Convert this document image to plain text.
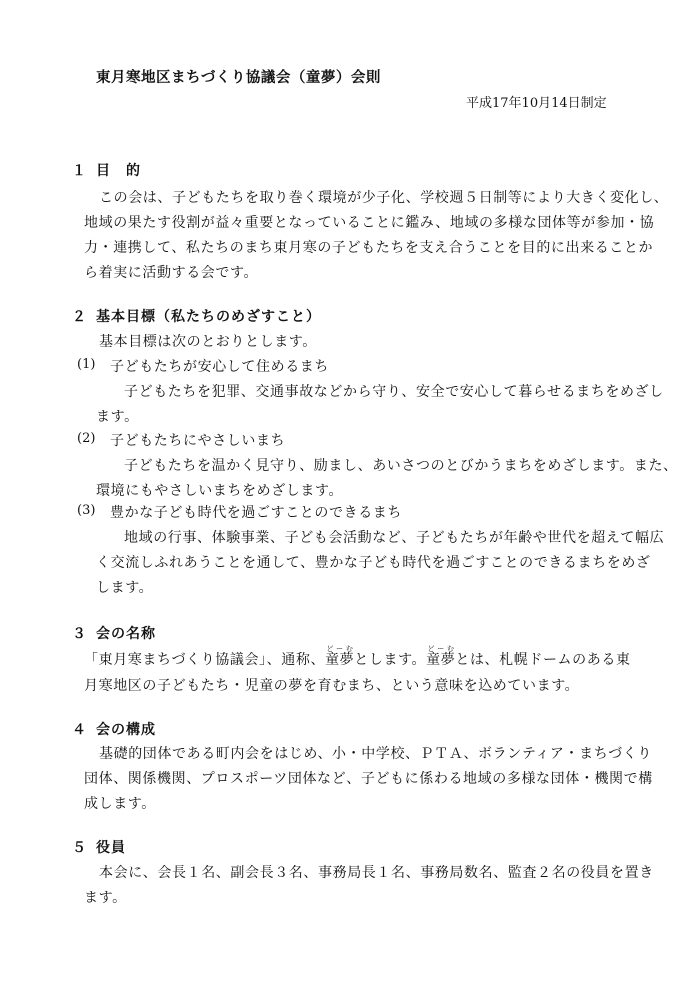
東月寒地区まちづくり協議会（童夢）会則
平成17年10月14日制定
１ 目　的
この会は、子どもたちを取り巻く環境が少子化、学校週５日制等により大きく変化し、
地域の果たす役割が益々重要となっていることに鑑み、地域の多様な団体等が参加・協
力・連携して、私たちのまち東月寒の子どもたちを支え合うことを目的に出来ることか
ら着実に活動する会です。
２ 基本目標（私たちのめざすこと）
基本目標は次のとおりとします。
(1) 子どもたちが安心して住めるまち
子どもたちを犯罪、交通事故などから守り、安全で安心して暮らせるまちをめざし
ます。
(2) 子どもたちにやさしいまち
子どもたちを温かく見守り、励まし、あいさつのとびかうまちをめざします。また、
環境にもやさしいまちをめざします。
(3) 豊かな子ども時代を過ごすことのできるまち
地域の行事、体験事業、子ども会活動など、子どもたちが年齢や世代を超えて幅広
く交流しふれあうことを通して、豊かな子ども時代を過ごすことのできるまちをめざ
します。
３ 会の名称
「東月寒まちづくり協議会」、通称、童夢どーむとします。童夢どーむとは、札幌ドームのある東
月寒地区の子どもたち・児童の夢を育むまち、という意味を込めています。
４ 会の構成
基礎的団体である町内会をはじめ、小・中学校、ＰＴＡ、ボランティア・まちづくり
団体、関係機関、プロスポーツ団体など、子どもに係わる地域の多様な団体・機関で構
成します。
５ 役員
本会に、会長１名、副会長３名、事務局長１名、事務局数名、監査２名の役員を置き
ます。
